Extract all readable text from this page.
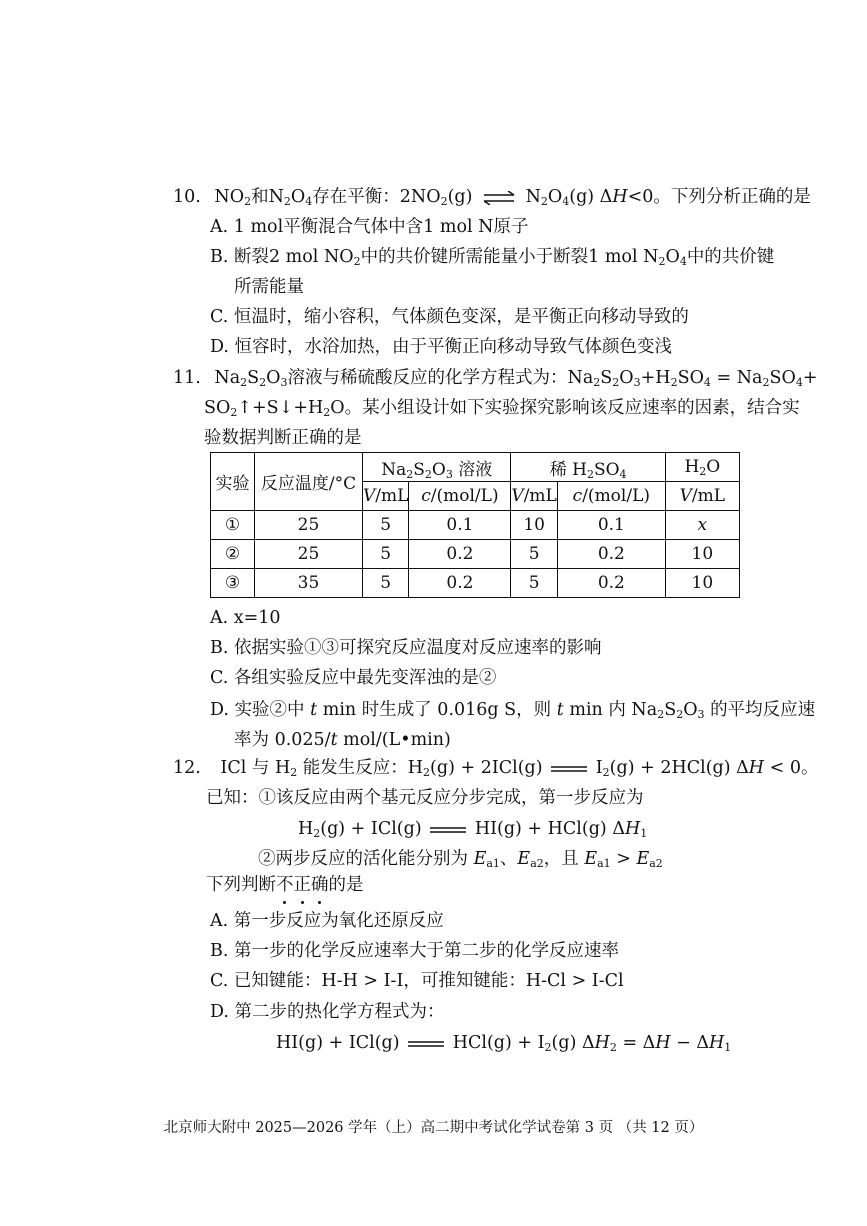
10. $NO_2$和$N_2O_4$存在平衡：$2NO_2(g)$ ⇌ $N_2O_4(g)$ ΔH<0。下列分析正确的是
A. 1 mol平衡混合气体中含1 mol N原子
B. 断裂2 mol $NO_2$中的共价键所需能量小于断裂1 mol $N_2O_4$中的共价键
所需能量
C. 恒温时，缩小容积，气体颜色变深，是平衡正向移动导致的
D. 恒容时，水浴加热，由于平衡正向移动导致气体颜色变浅
11. $Na_2S_2O_3$溶液与稀硫酸反应的化学方程式为：$Na_2S_2O_3+H_2SO_4 = Na_2SO_4+$
$SO_2↑+S↓+H_2O$。某小组设计如下实验探究影响该反应速率的因素，结合实
验数据判断正确的是
实验	反应温度/°C	$Na_2S_2O_3$ 溶液		稀 $H_2SO_4$		$H_2O$
		V/mL	c/(mol/L)	V/mL	c/(mol/L)	V/mL
①	25	5	0.1	10	0.1	x
②	25	5	0.2	5	0.2	10
③	35	5	0.2	5	0.2	10
A. x=10
B. 依据实验①③可探究反应温度对反应速率的影响
C. 各组实验反应中最先变浑浊的是②
D. 实验②中 t min 时生成了 0.016g S，则 t min 内 $Na_2S_2O_3$ 的平均反应速
率为 0.025/t mol/(L•min)
12. ICl 与 $H_2$ 能发生反应：$H_2(g) + 2ICl(g)$	$I_2(g) + 2HCl(g) \Delta H < 0$。
已知：①该反应由两个基元反应分步完成，第一步反应为
$H_2(g) + ICl(g)$	HI(g) + HCl(g) $\Delta H_1$
②两步反应的活化能分别为 $E_{a1}$、$E_{a2}$，且 $E_{a1} > E_{a2}$
下列判断不正确的是
A. 第一步反应为氧化还原反应
B. 第一步的化学反应速率大于第二步的化学反应速率
C. 已知键能：H-H > I-I，可推知键能：H-Cl > I-Cl
D. 第二步的热化学方程式为：
HI(g) + ICl(g)	$HCl(g) + I_2(g) \Delta H_2 = \Delta H - \Delta H_1$
北京师大附中 2025—2026 学年（上）高二期中考试化学试卷第 3 页 （共 12 页）
